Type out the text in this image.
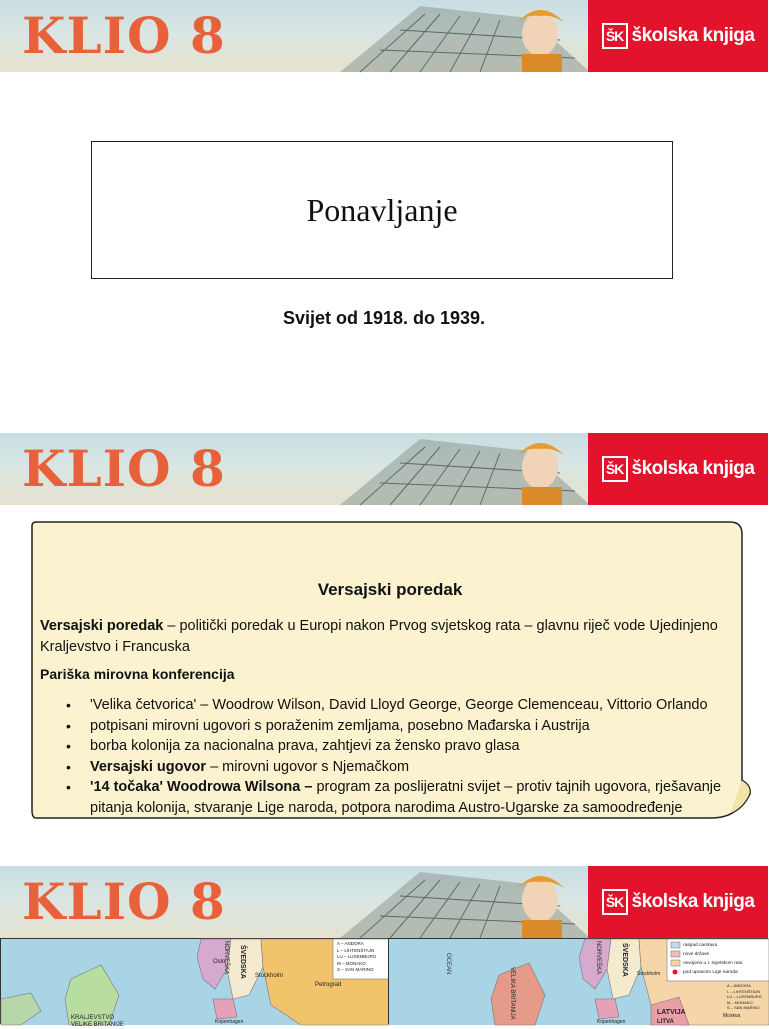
KLIO 8	ŠK školska knjiga
Ponavljanje
Svijet od 1918. do 1939.
KLIO 8	ŠK školska knjiga
Versajski poredak
Versajski poredak – politički poredak u Europi nakon Prvog svjetskog rata – glavnu riječ vode Ujedinjeno Kraljevstvo i Francuska
Pariška mirovna konferencija
• 'Velika četvorica' – Woodrow Wilson, David Lloyd George, George Clemenceau, Vittorio Orlando
• potpisani mirovni ugovori s poraženim zemljama, posebno Mađarska i Austrija
• borba kolonija za nacionalna prava, zahtjevi za žensko pravo glasa
• Versajski ugovor – mirovni ugovor s Njemačkom
• '14 točaka' Woodrowa Wilsona – program za poslijeratni svijet – protiv tajnih ugovora, rješavanje pitanja kolonija, stvaranje Lige naroda, potpora narodima Austro-Ugarske za samoodređenje
KLIO 8	ŠK školska knjiga
Oslo
Stockholm
Petrograd
ŠVEDSKA
NORVEŠKA
KRALJEVSTVO VELIKE BRITANIJE	Kopenhagen
A – ANDORA
L – LIHTENŠTAJN
LU – LUXEMBURG
M – MONAKO
S – SAN MARINO	OCEAN	NORVEŠKA	ŠVEDSKA
VELIKA BRITANIJA	Stockholm
Kopenhagen
LATVIJA
LITVA
Moskva
raspad carstava
nove države
osvojeno u I. svjetskom ratu
pod upravom Lige naroda
A – ANDORA
L – LIHTENŠTAJN
LU – LUXEMBURG
M – MONAKO
S – SAN MARINO
